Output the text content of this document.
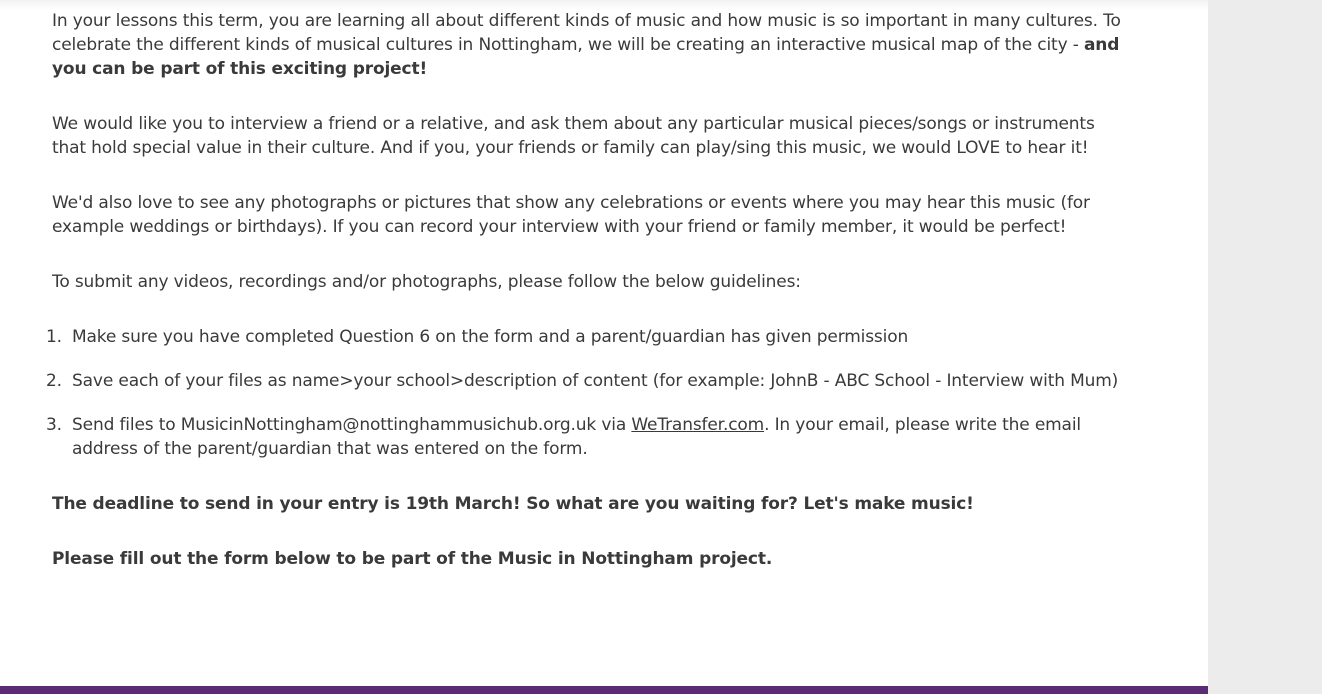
In your lessons this term, you are learning all about different kinds of music and how music is so important in many cultures. To celebrate the different kinds of musical cultures in Nottingham, we will be creating an interactive musical map of the city - and you can be part of this exciting project!

We would like you to interview a friend or a relative, and ask them about any particular musical pieces/songs or instruments that hold special value in their culture. And if you, your friends or family can play/sing this music, we would LOVE to hear it!

We'd also love to see any photographs or pictures that show any celebrations or events where you may hear this music (for example weddings or birthdays). If you can record your interview with your friend or family member, it would be perfect!

To submit any videos, recordings and/or photographs, please follow the below guidelines:

1. Make sure you have completed Question 6 on the form and a parent/guardian has given permission
2. Save each of your files as name>your school>description of content (for example: JohnB - ABC School - Interview with Mum)
3. Send files to MusicinNottingham@nottinghammusichub.org.uk via WeTransfer.com. In your email, please write the email address of the parent/guardian that was entered on the form.

The deadline to send in your entry is 19th March! So what are you waiting for? Let's make music!

Please fill out the form below to be part of the Music in Nottingham project.
